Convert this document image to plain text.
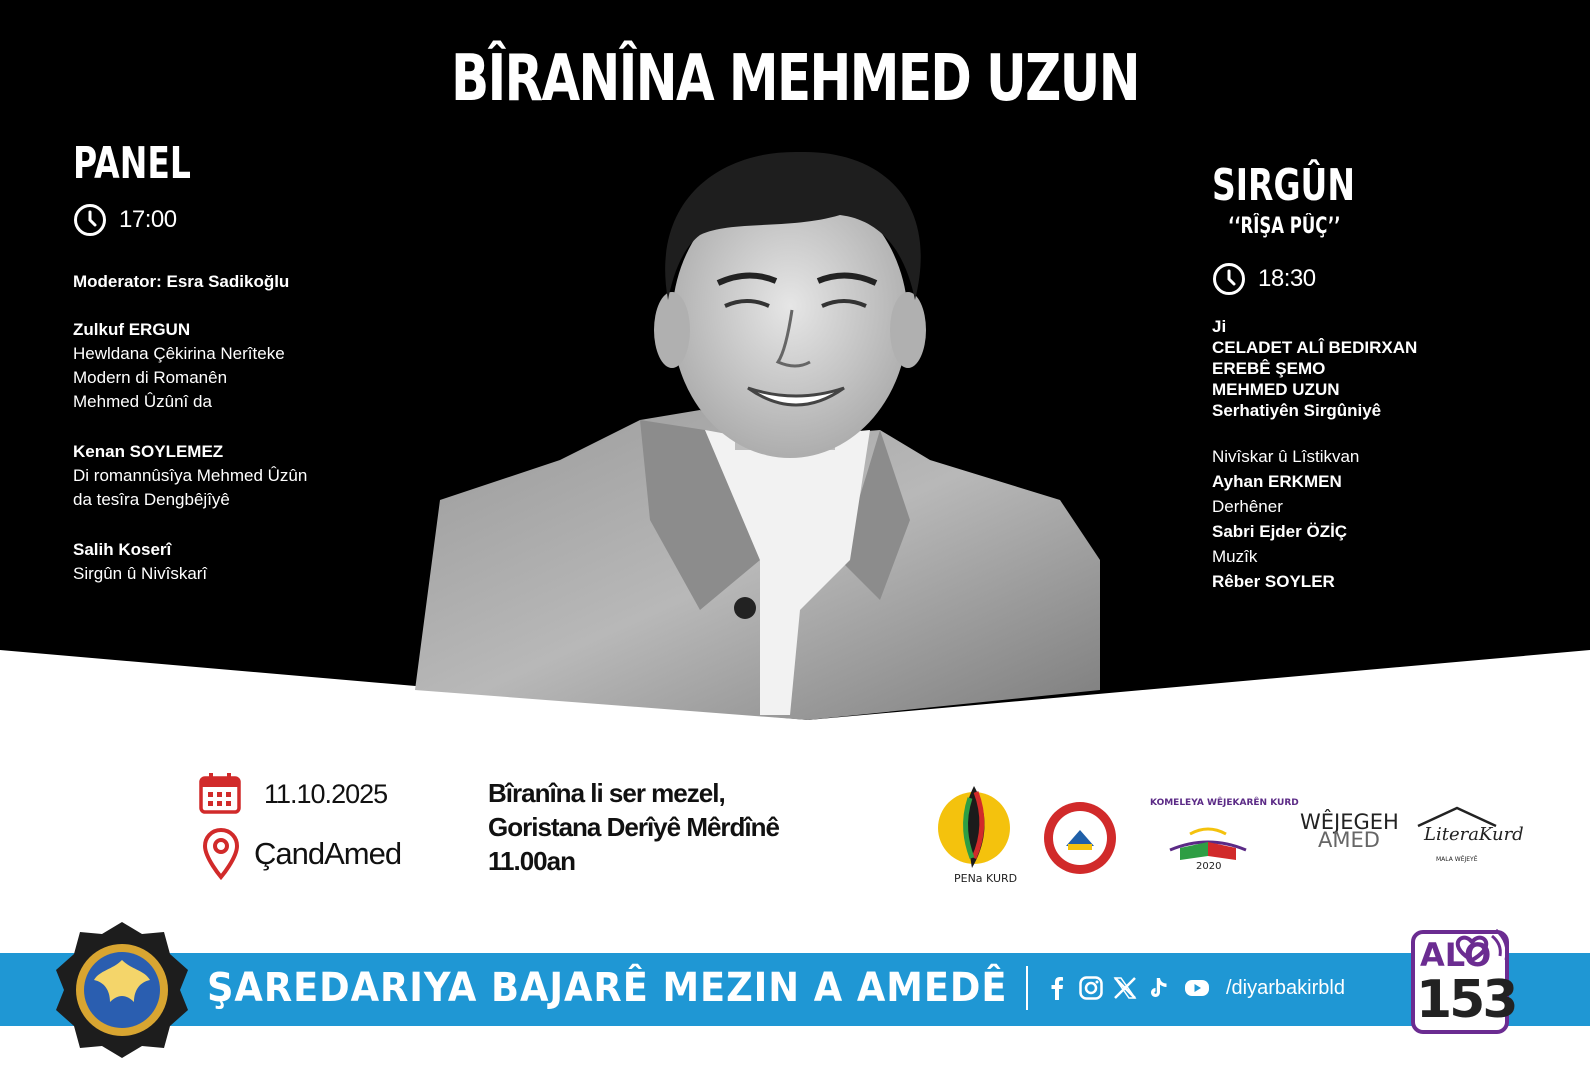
BÎRANÎNA MEHMED UZUN
PANEL
17:00
Moderator: Esra Sadikoğlu
Zulkuf ERGUN
Hewldana Çêkirina Nerîteke
Modern di Romanên
Mehmed Ûzûnî da
Kenan SOYLEMEZ
Di romannûsîya Mehmed Ûzûn
da tesîra Dengbêjîyê
Salih Koserî
Sirgûn û Nivîskarî
SIRGÛN
‘‘RÎŞA PÛÇ’’
18:30
Ji
CELADET ALÎ BEDIRXAN
EREBÊ ŞEMO
MEHMED UZUN
Serhatiyên Sirgûniyê
Nivîskar û Lîstikvan
Ayhan ERKMEN
Derhêner
Sabri Ejder ÖZİÇ
Muzîk
Rêber SOYLER
11.10.2025
ÇandAmed
Bîranîna li ser mezel,
Goristana Derîyê Mêrdînê
11.00an
PENa KURD
KOMELEYA WÊJEKARÊN KURD
2020
WÊJEGEH
AMED LiteraKurd
MALA WÊJEYÊ
ŞAREDARIYA BAJARÊ MEZIN A AMEDÊ	/diyarbakirbld
ALO
153
